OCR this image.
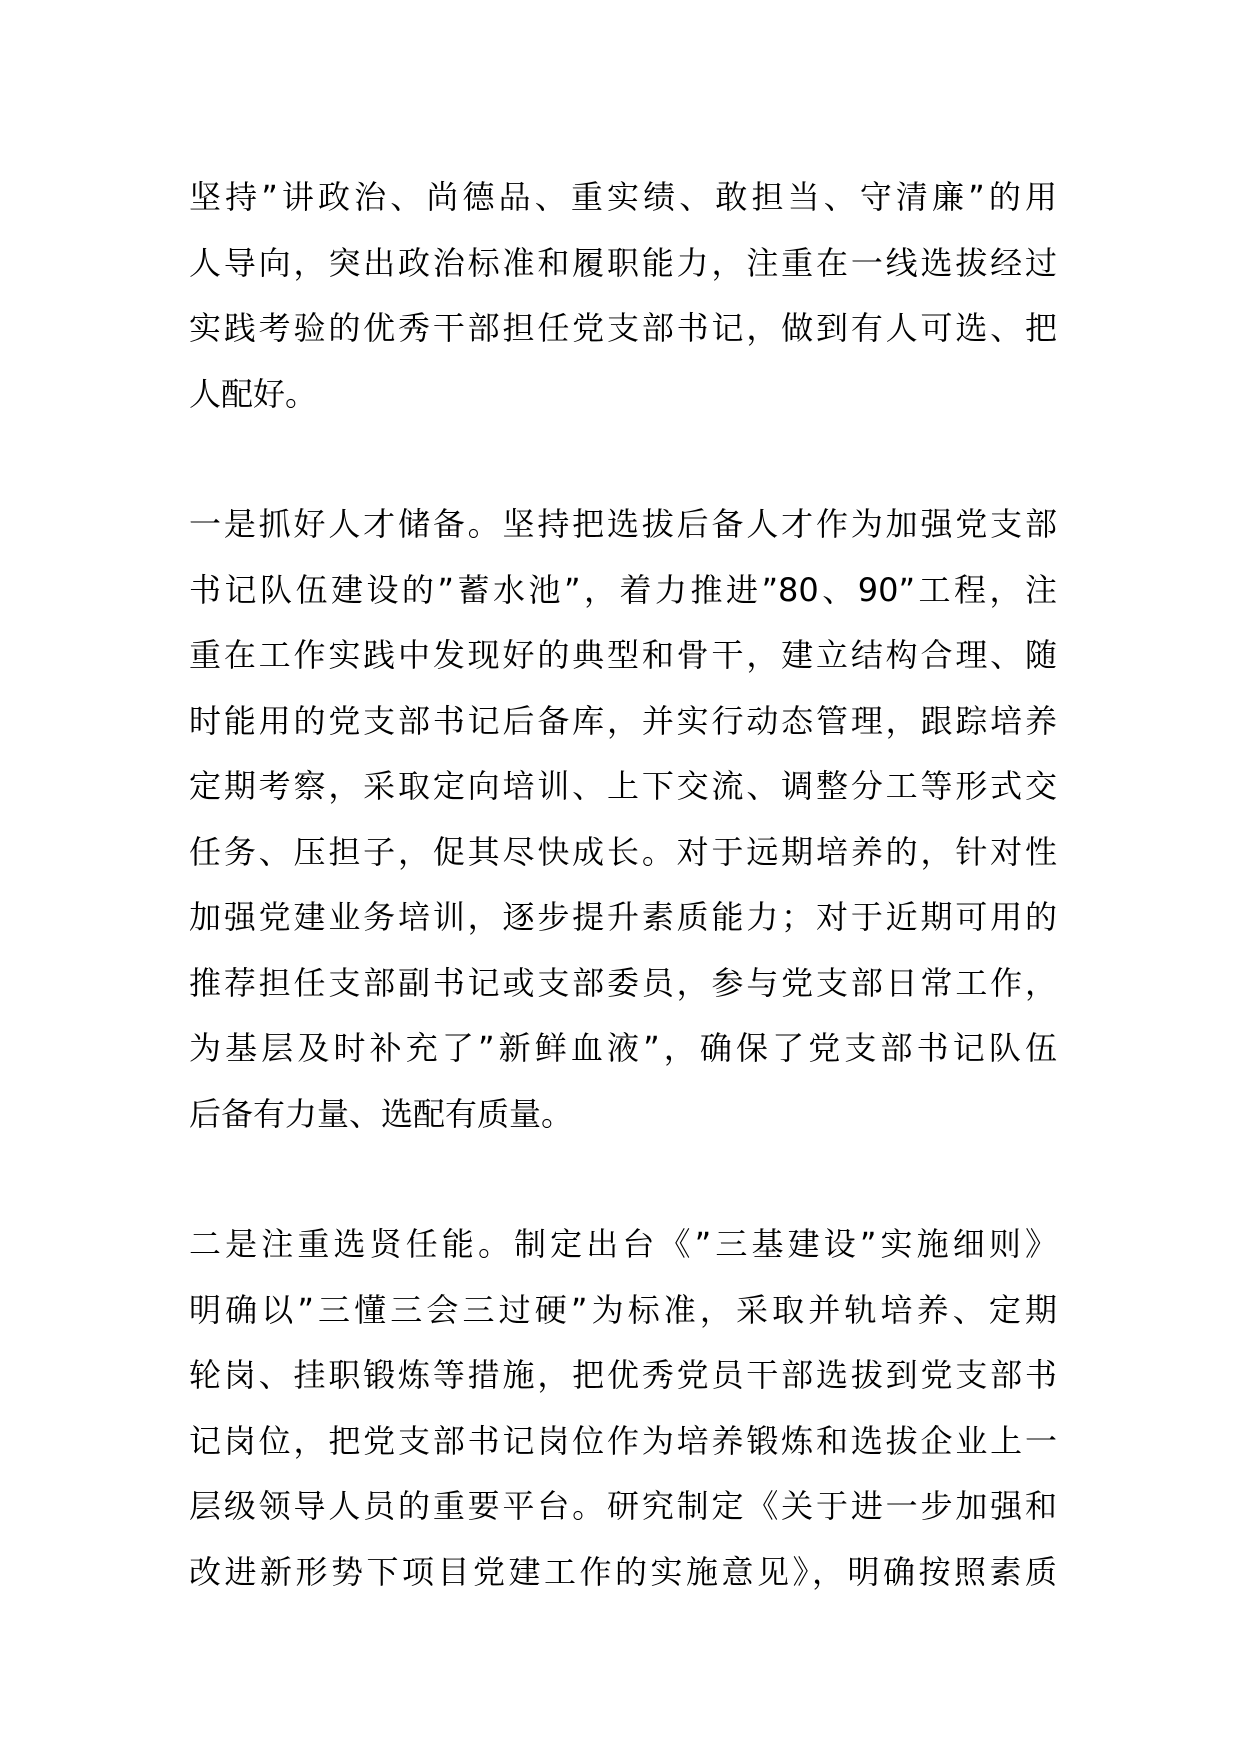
坚持”讲政治、尚德品、重实绩、敢担当、守清廉”的用
人导向，突出政治标准和履职能力，注重在一线选拔经过
实践考验的优秀干部担任党支部书记，做到有人可选、把
人配好。
一是抓好人才储备。坚持把选拔后备人才作为加强党支部
书记队伍建设的”蓄水池”，着力推进”80、90”工程，注
重在工作实践中发现好的典型和骨干，建立结构合理、随
时能用的党支部书记后备库，并实行动态管理，跟踪培养
定期考察，采取定向培训、上下交流、调整分工等形式交
任务、压担子，促其尽快成长。对于远期培养的，针对性
加强党建业务培训，逐步提升素质能力；对于近期可用的
推荐担任支部副书记或支部委员，参与党支部日常工作，
为基层及时补充了”新鲜血液”，确保了党支部书记队伍
后备有力量、选配有质量。
二是注重选贤任能。制定出台《”三基建设”实施细则》
明确以”三懂三会三过硬”为标准，采取并轨培养、定期
轮岗、挂职锻炼等措施，把优秀党员干部选拔到党支部书
记岗位，把党支部书记岗位作为培养锻炼和选拔企业上一
层级领导人员的重要平台。研究制定《关于进一步加强和
改进新形势下项目党建工作的实施意见》，明确按照素质
